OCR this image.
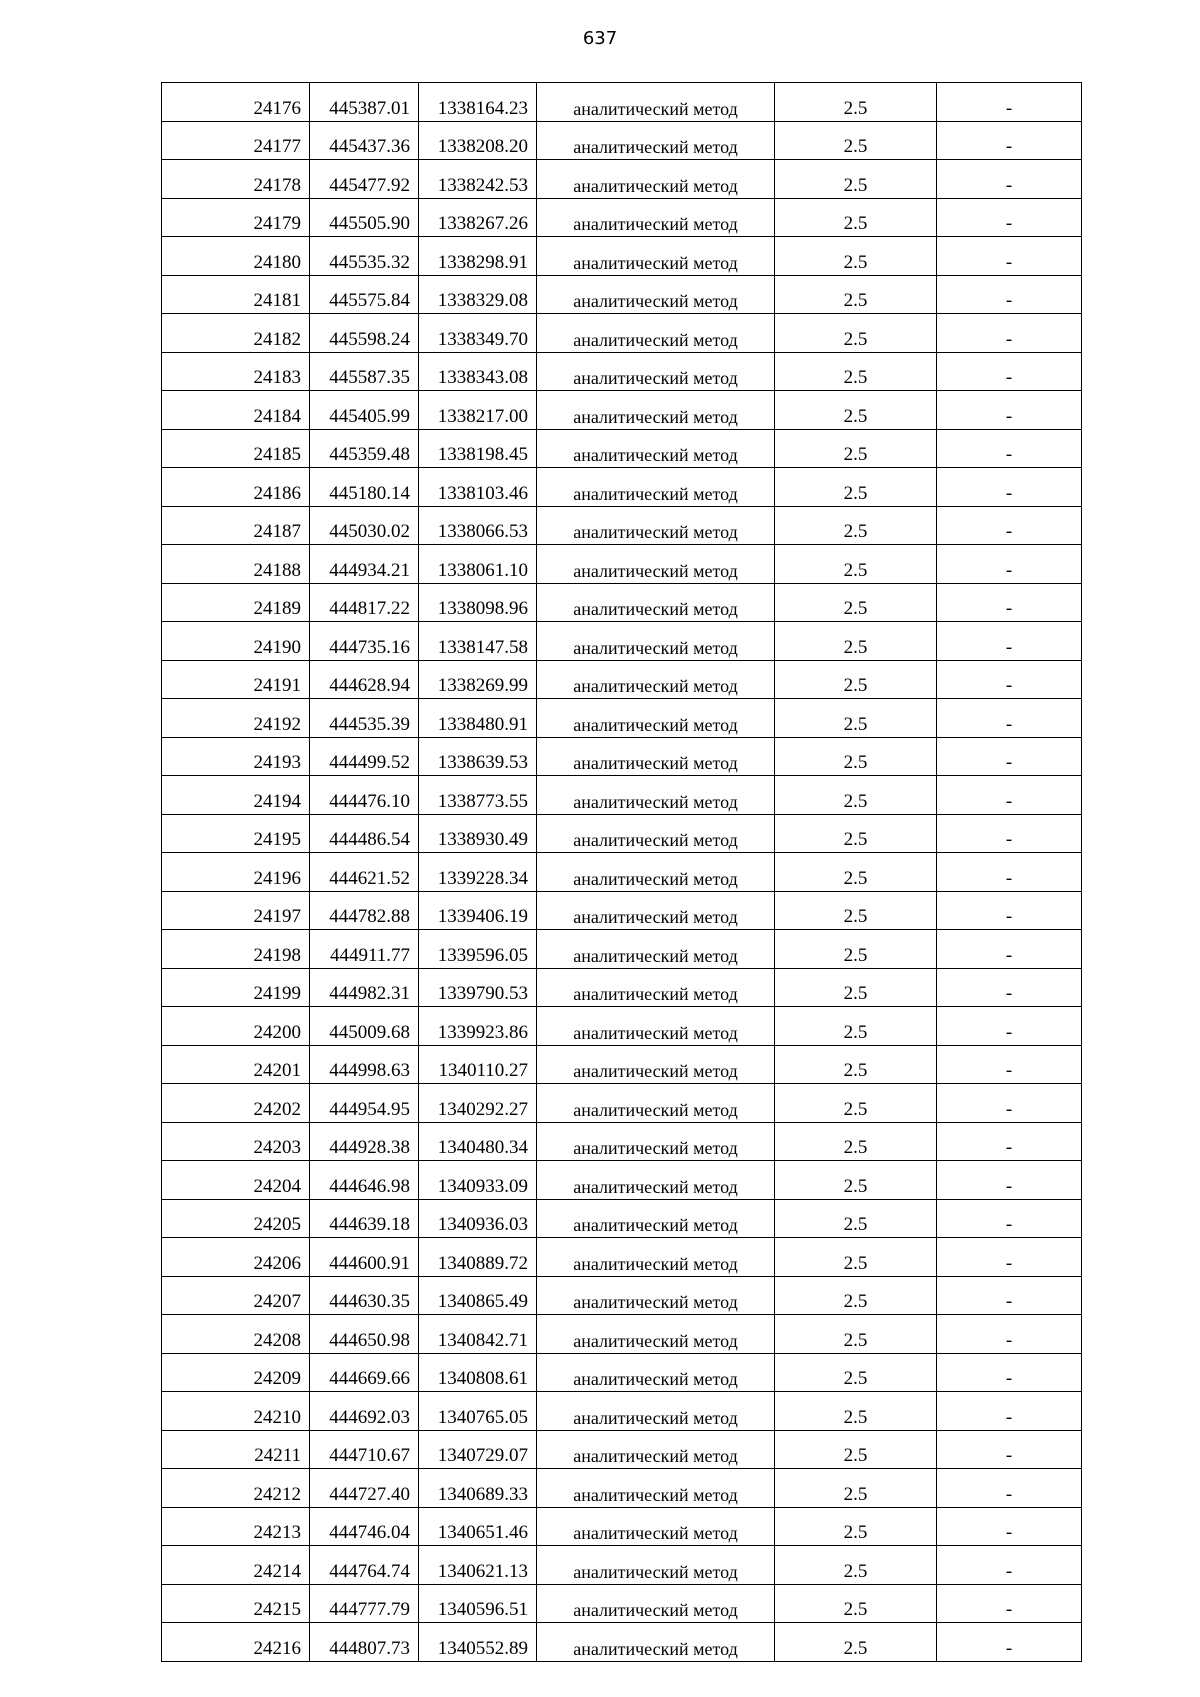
637
24176	445387.01	1338164.23	аналитический метод	2.5	-
24177	445437.36	1338208.20	аналитический метод	2.5	-
24178	445477.92	1338242.53	аналитический метод	2.5	-
24179	445505.90	1338267.26	аналитический метод	2.5	-
24180	445535.32	1338298.91	аналитический метод	2.5	-
24181	445575.84	1338329.08	аналитический метод	2.5	-
24182	445598.24	1338349.70	аналитический метод	2.5	-
24183	445587.35	1338343.08	аналитический метод	2.5	-
24184	445405.99	1338217.00	аналитический метод	2.5	-
24185	445359.48	1338198.45	аналитический метод	2.5	-
24186	445180.14	1338103.46	аналитический метод	2.5	-
24187	445030.02	1338066.53	аналитический метод	2.5	-
24188	444934.21	1338061.10	аналитический метод	2.5	-
24189	444817.22	1338098.96	аналитический метод	2.5	-
24190	444735.16	1338147.58	аналитический метод	2.5	-
24191	444628.94	1338269.99	аналитический метод	2.5	-
24192	444535.39	1338480.91	аналитический метод	2.5	-
24193	444499.52	1338639.53	аналитический метод	2.5	-
24194	444476.10	1338773.55	аналитический метод	2.5	-
24195	444486.54	1338930.49	аналитический метод	2.5	-
24196	444621.52	1339228.34	аналитический метод	2.5	-
24197	444782.88	1339406.19	аналитический метод	2.5	-
24198	444911.77	1339596.05	аналитический метод	2.5	-
24199	444982.31	1339790.53	аналитический метод	2.5	-
24200	445009.68	1339923.86	аналитический метод	2.5	-
24201	444998.63	1340110.27	аналитический метод	2.5	-
24202	444954.95	1340292.27	аналитический метод	2.5	-
24203	444928.38	1340480.34	аналитический метод	2.5	-
24204	444646.98	1340933.09	аналитический метод	2.5	-
24205	444639.18	1340936.03	аналитический метод	2.5	-
24206	444600.91	1340889.72	аналитический метод	2.5	-
24207	444630.35	1340865.49	аналитический метод	2.5	-
24208	444650.98	1340842.71	аналитический метод	2.5	-
24209	444669.66	1340808.61	аналитический метод	2.5	-
24210	444692.03	1340765.05	аналитический метод	2.5	-
24211	444710.67	1340729.07	аналитический метод	2.5	-
24212	444727.40	1340689.33	аналитический метод	2.5	-
24213	444746.04	1340651.46	аналитический метод	2.5	-
24214	444764.74	1340621.13	аналитический метод	2.5	-
24215	444777.79	1340596.51	аналитический метод	2.5	-
24216	444807.73	1340552.89	аналитический метод	2.5	-
